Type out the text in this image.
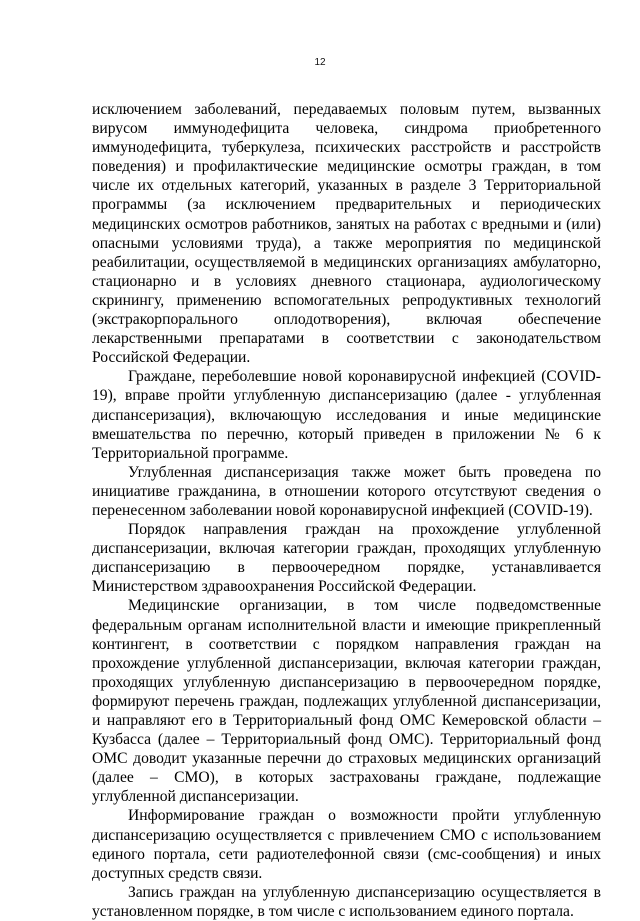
12

исключением заболеваний, передаваемых половым путем, вызванных вирусом иммунодефицита человека, синдрома приобретенного иммунодефицита, туберкулеза, психических расстройств и расстройств поведения) и профилактические медицинские осмотры граждан, в том числе их отдельных категорий, указанных в разделе 3 Территориальной программы (за исключением предварительных и периодических медицинских осмотров работников, занятых на работах с вредными и (или) опасными условиями труда), а также мероприятия по медицинской реабилитации, осуществляемой в медицинских организациях амбулаторно, стационарно и в условиях дневного стационара, аудиологическому скринингу, применению вспомогательных репродуктивных технологий (экстракорпорального оплодотворения), включая обеспечение лекарственными препаратами в соответствии с законодательством Российской Федерации.

Граждане, переболевшие новой коронавирусной инфекцией (COVID-19), вправе пройти углубленную диспансеризацию (далее - углубленная диспансеризация), включающую исследования и иные медицинские вмешательства по перечню, который приведен в приложении № 6 к Территориальной программе.

Углубленная диспансеризация также может быть проведена по инициативе гражданина, в отношении которого отсутствуют сведения о перенесенном заболевании новой коронавирусной инфекцией (COVID-19).

Порядок направления граждан на прохождение углубленной диспансеризации, включая категории граждан, проходящих углубленную диспансеризацию в первоочередном порядке, устанавливается Министерством здравоохранения Российской Федерации.

Медицинские организации, в том числе подведомственные федеральным органам исполнительной власти и имеющие прикрепленный контингент, в соответствии с порядком направления граждан на прохождение углубленной диспансеризации, включая категории граждан, проходящих углубленную диспансеризацию в первоочередном порядке, формируют перечень граждан, подлежащих углубленной диспансеризации, и направляют его в Территориальный фонд ОМС Кемеровской области – Кузбасса (далее – Территориальный фонд ОМС). Территориальный фонд ОМС доводит указанные перечни до страховых медицинских организаций (далее – СМО), в которых застрахованы граждане, подлежащие углубленной диспансеризации.

Информирование граждан о возможности пройти углубленную диспансеризацию осуществляется с привлечением СМО с использованием единого портала, сети радиотелефонной связи (смс-сообщения) и иных доступных средств связи.

Запись граждан на углубленную диспансеризацию осуществляется в установленном порядке, в том числе с использованием единого портала.
